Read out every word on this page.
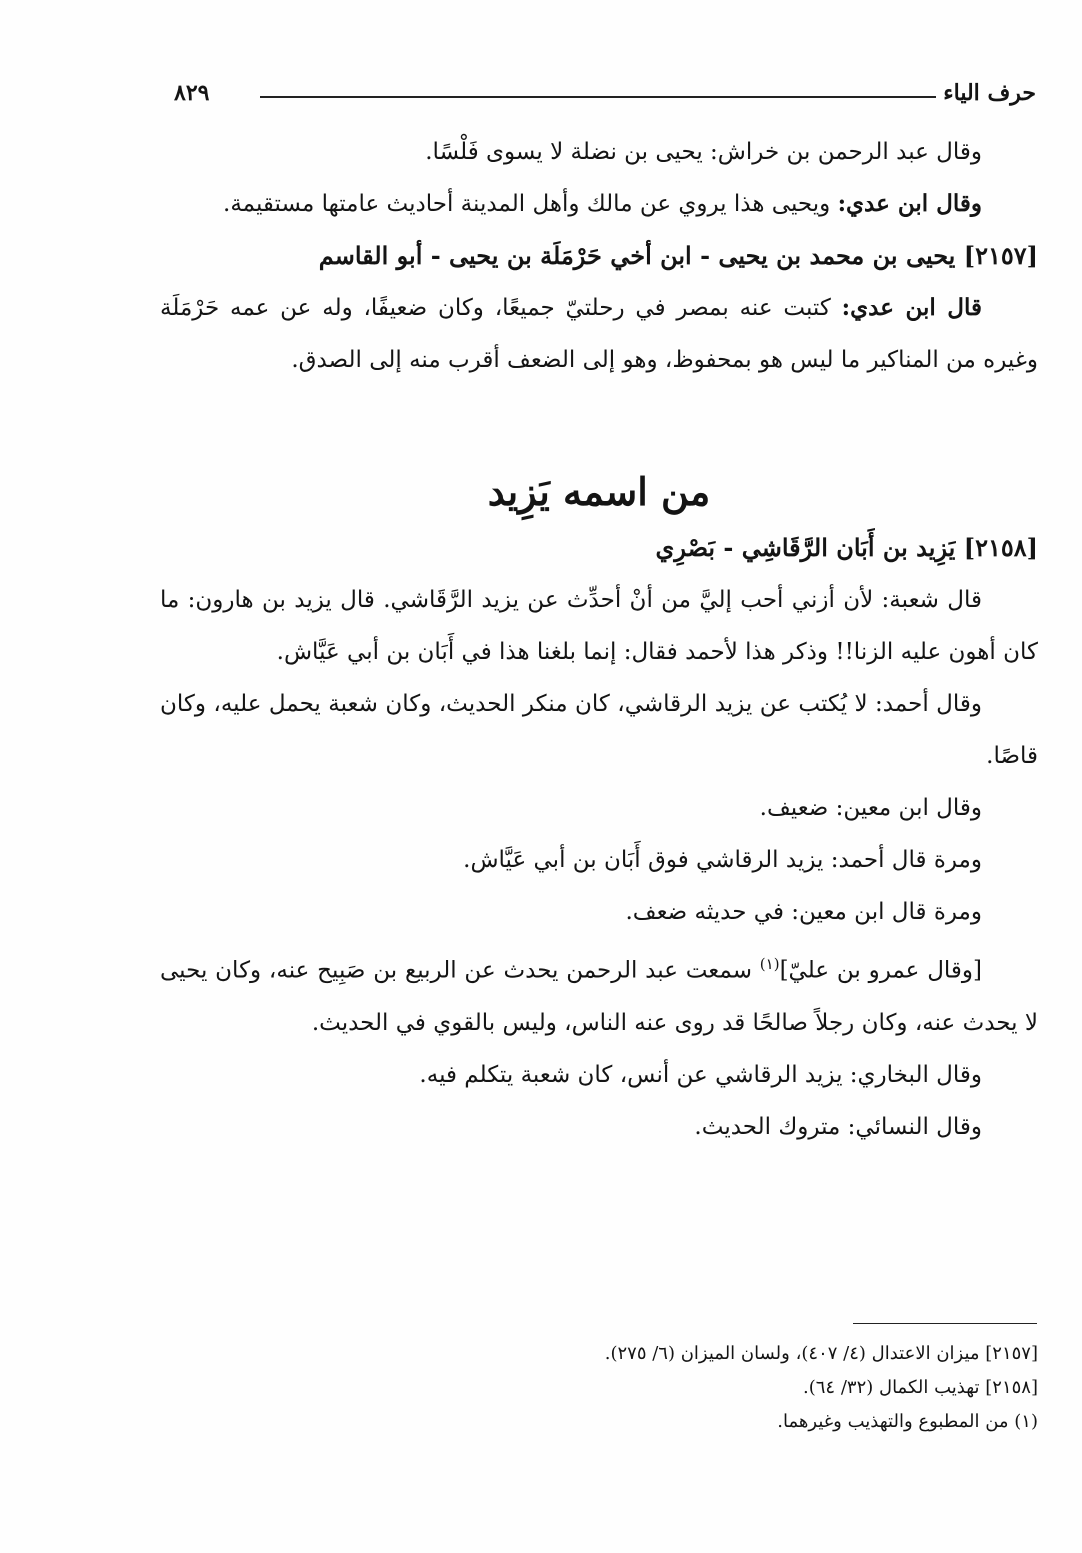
حرف الياء
٨٢٩

وقال عبد الرحمن بن خراش: يحيى بن نضلة لا يسوى فَلْسًا.

وقال ابن عدي: ويحيى هذا يروي عن مالك وأهل المدينة أحاديث عامتها مستقيمة.

[٢١٥٧] يحيى بن محمد بن يحيى - ابن أخي حَرْمَلَة بن يحيى - أبو القاسم

قال ابن عدي: كتبت عنه بمصر في رحلتيّ جميعًا، وكان ضعيفًا، وله عن عمه حَرْمَلَة وغيره من المناكير ما ليس هو بمحفوظ، وهو إلى الضعف أقرب منه إلى الصدق.

من اسمه يَزِيد

[٢١٥٨] يَزِيد بن أَبَان الرَّقَاشِي - بَصْرِي

قال شعبة: لأن أزني أحب إليَّ من أنْ أحدِّث عن يزيد الرَّقَاشي. قال يزيد بن هارون: ما كان أهون عليه الزنا!! وذكر هذا لأحمد فقال: إنما بلغنا هذا في أَبَان بن أبي عَيَّاش.

وقال أحمد: لا يُكتب عن يزيد الرقاشي، كان منكر الحديث، وكان شعبة يحمل عليه، وكان قاصًا.

وقال ابن معين: ضعيف.

ومرة قال أحمد: يزيد الرقاشي فوق أَبَان بن أبي عَيَّاش.

ومرة قال ابن معين: في حديثه ضعف.

[وقال عمرو بن عليّ]$^{(١)}$ سمعت عبد الرحمن يحدث عن الربيع بن صَبِيح عنه، وكان يحيى لا يحدث عنه، وكان رجلاً صالحًا قد روى عنه الناس، وليس بالقوي في الحديث.

وقال البخاري: يزيد الرقاشي عن أنس، كان شعبة يتكلم فيه.

وقال النسائي: متروك الحديث.

[٢١٥٧] ميزان الاعتدال (٤/ ٤٠٧)، ولسان الميزان (٦/ ٢٧٥).

[٢١٥٨] تهذيب الكمال (٣٢/ ٦٤).

(١) من المطبوع والتهذيب وغيرهما.
